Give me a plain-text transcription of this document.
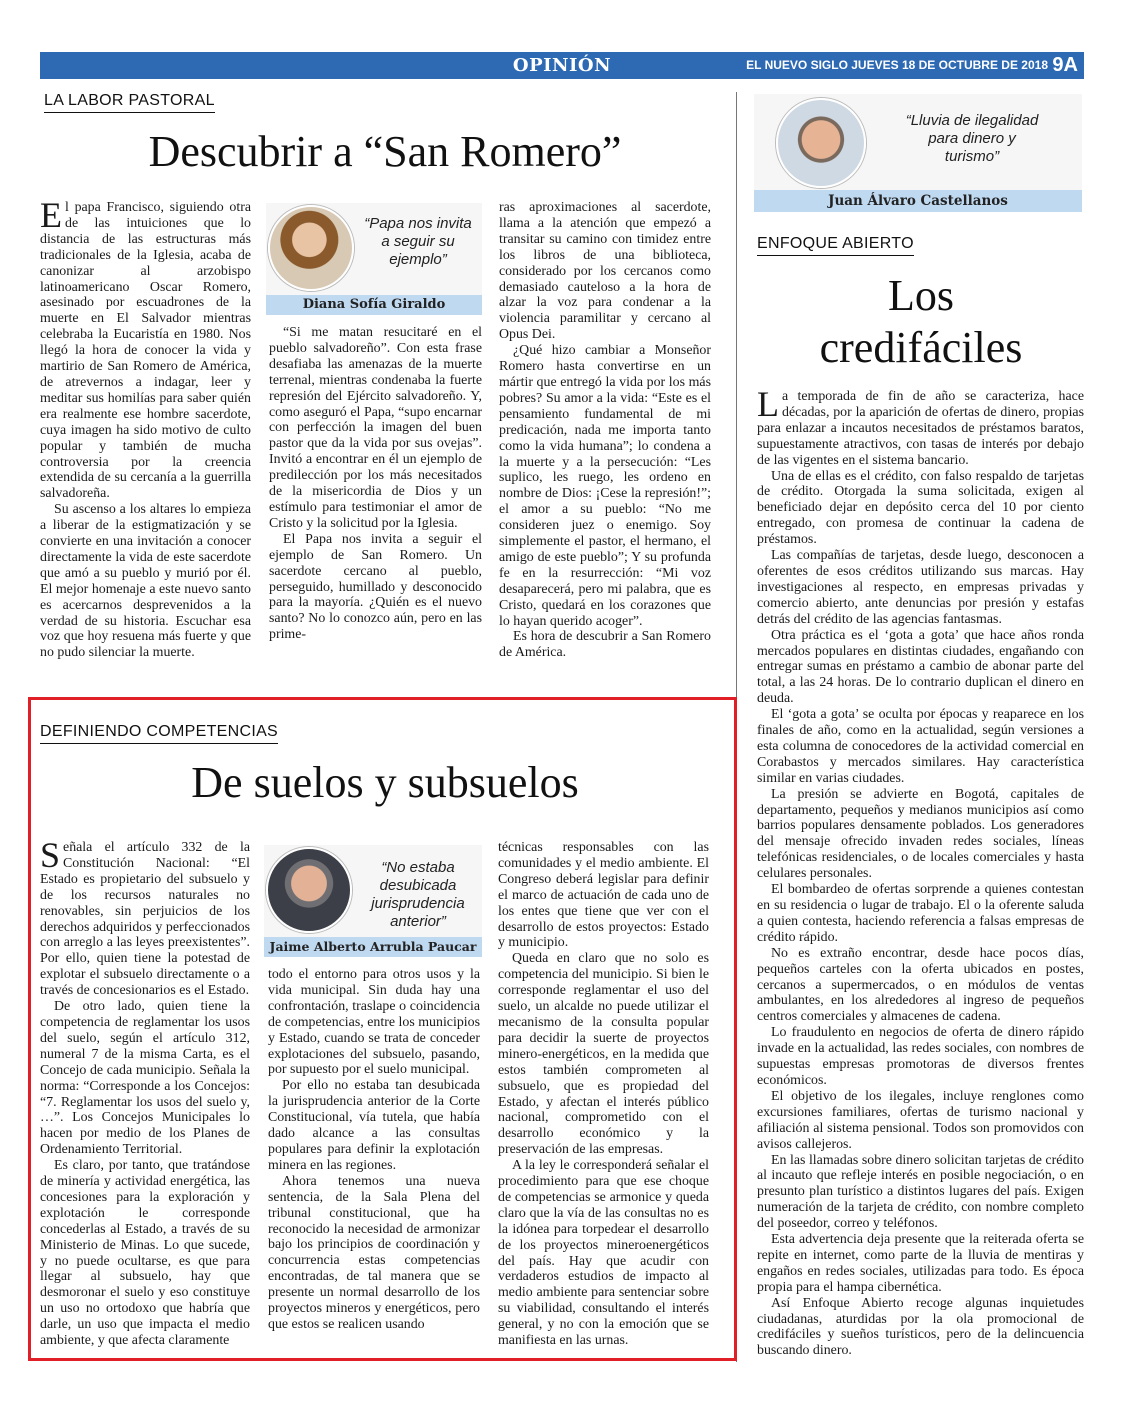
OPINIÓN	EL NUEVO SIGLO JUEVES 18 DE OCTUBRE DE 2018 9A
LA LABOR PASTORAL
Descubrir a “San Romero”

El papa Francisco, siguiendo otra de las intuiciones que lo distancia de las estructuras más tradicionales de la Iglesia, acaba de canonizar al arzobispo latinoamericano Oscar Romero, asesinado por escuadrones de la muerte en El Salvador mientras celebraba la Eucaristía en 1980. Nos llegó la hora de conocer la vida y martirio de San Romero de América, de atrevernos a indagar, leer y meditar sus homilías para saber quién era realmente ese hombre sacerdote, cuya imagen ha sido motivo de culto popular y también de mucha controversia por la creencia extendida de su cercanía a la guerrilla salvadoreña.

Su ascenso a los altares lo empieza a liberar de la estigmatización y se convierte en una invitación a conocer directamente la vida de este sacerdote que amó a su pueblo y murió por él. El mejor homenaje a este nuevo santo es acercarnos desprevenidos a la verdad de su historia. Escuchar esa voz que hoy resuena más fuerte y que no pudo silenciar la muerte.

“Papa nos invita a seguir su ejemplo”
Diana Sofía Giraldo

“Si me matan resucitaré en el pueblo salvadoreño”. Con esta frase desafiaba las amenazas de la muerte terrenal, mientras condenaba la fuerte represión del Ejército salvadoreño. Y, como aseguró el Papa, “supo encarnar con perfección la imagen del buen pastor que da la vida por sus ovejas”. Invitó a encontrar en él un ejemplo de predilección por los más necesitados de la misericordia de Dios y un estímulo para testimoniar el amor de Cristo y la solicitud por la Iglesia.

El Papa nos invita a seguir el ejemplo de San Romero. Un sacerdote cercano al pueblo, perseguido, humillado y desconocido para la mayoría. ¿Quién es el nuevo santo? No lo conozco aún, pero en las prime-

ras aproximaciones al sacerdote, llama a la atención que empezó a transitar su camino con timidez entre los libros de una biblioteca, considerado por los cercanos como demasiado cauteloso a la hora de alzar la voz para condenar a la violencia paramilitar y cercano al Opus Dei.

¿Qué hizo cambiar a Monseñor Romero hasta convertirse en un mártir que entregó la vida por los más pobres? Su amor a la vida: “Este es el pensamiento fundamental de mi predicación, nada me importa tanto como la vida humana”; lo condena a la muerte y a la persecución: “Les suplico, les ruego, les ordeno en nombre de Dios: ¡Cese la represión!”; el amor a su pueblo: “No me consideren juez o enemigo. Soy simplemente el pastor, el hermano, el amigo de este pueblo”; Y su profunda fe en la resurrección: “Mi voz desaparecerá, pero mi palabra, que es Cristo, quedará en los corazones que lo hayan querido acoger”.

Es hora de descubrir a San Romero de América.

DEFINIENDO COMPETENCIAS
De suelos y subsuelos

Señala el artículo 332 de la Constitución Nacional: “El Estado es propietario del subsuelo y de los recursos naturales no renovables, sin perjuicios de los derechos adquiridos y perfeccionados con arreglo a las leyes preexistentes”. Por ello, quien tiene la potestad de explotar el subsuelo directamente o a través de concesionarios es el Estado.

De otro lado, quien tiene la competencia de reglamentar los usos del suelo, según el artículo 312, numeral 7 de la misma Carta, es el Concejo de cada municipio. Señala la norma: “Corresponde a los Concejos: “7. Reglamentar los usos del suelo y, …”. Los Concejos Municipales lo hacen por medio de los Planes de Ordenamiento Territorial.

Es claro, por tanto, que tratándose de minería y actividad energética, las concesiones para la exploración y explotación le corresponde concederlas al Estado, a través de su Ministerio de Minas. Lo que sucede, y no puede ocultarse, es que para llegar al subsuelo, hay que desmoronar el suelo y eso constituye un uso no ortodoxo que habría que darle, un uso que impacta el medio ambiente, y que afecta claramente

“No estaba desubicada jurisprudencia anterior”
Jaime Alberto Arrubla Paucar

todo el entorno para otros usos y la vida municipal. Sin duda hay una confrontación, traslape o coincidencia de competencias, entre los municipios y Estado, cuando se trata de conceder explotaciones del subsuelo, pasando, por supuesto por el suelo municipal.

Por ello no estaba tan desubicada la jurisprudencia anterior de la Corte Constitucional, vía tutela, que había dado alcance a las consultas populares para definir la explotación minera en las regiones.

Ahora tenemos una nueva sentencia, de la Sala Plena del tribunal constitucional, que ha reconocido la necesidad de armonizar bajo los principios de coordinación y concurrencia estas competencias encontradas, de tal manera que se presente un normal desarrollo de los proyectos mineros y energéticos, pero que estos se realicen usando

técnicas responsables con las comunidades y el medio ambiente. El Congreso deberá legislar para definir el marco de actuación de cada uno de los entes que tiene que ver con el desarrollo de estos proyectos: Estado y municipio.

Queda en claro que no solo es competencia del municipio. Si bien le corresponde reglamentar el uso del suelo, un alcalde no puede utilizar el mecanismo de la consulta popular para decidir la suerte de proyectos minero-energéticos, en la medida que estos también comprometen al subsuelo, que es propiedad del Estado, y afectan el interés público nacional, comprometido con el desarrollo económico y la preservación de las empresas.

A la ley le corresponderá señalar el procedimiento para que ese choque de competencias se armonice y queda claro que la vía de las consultas no es la idónea para torpedear el desarrollo de los proyectos mineroenergéticos del país. Hay que acudir con verdaderos estudios de impacto al medio ambiente para sentenciar sobre su viabilidad, consultando el interés general, y no con la emoción que se manifiesta en las urnas.

“Lluvia de ilegalidad para dinero y turismo”
Juan Álvaro Castellanos
ENFOQUE ABIERTO
Los
credifáciles

La temporada de fin de año se caracteriza, hace décadas, por la aparición de ofertas de dinero, propias para enlazar a incautos necesitados de préstamos baratos, supuestamente atractivos, con tasas de interés por debajo de las vigentes en el sistema bancario.

Una de ellas es el crédito, con falso respaldo de tarjetas de crédito. Otorgada la suma solicitada, exigen al beneficiado dejar en depósito cerca del 10 por ciento entregado, con promesa de continuar la cadena de préstamos.

Las compañías de tarjetas, desde luego, desconocen a oferentes de esos créditos utilizando sus marcas. Hay investigaciones al respecto, en empresas privadas y comercio abierto, ante denuncias por presión y estafas detrás del crédito de las agencias fantasmas.

Otra práctica es el ‘gota a gota’ que hace años ronda mercados populares en distintas ciudades, engañando con entregar sumas en préstamo a cambio de abonar parte del total, a las 24 horas. De lo contrario duplican el dinero en deuda.

El ‘gota a gota’ se oculta por épocas y reaparece en los finales de año, como en la actualidad, según versiones a esta columna de conocedores de la actividad comercial en Corabastos y mercados similares. Hay característica similar en varias ciudades.

La presión se advierte en Bogotá, capitales de departamento, pequeños y medianos municipios así como barrios populares densamente poblados. Los generadores del mensaje ofrecido invaden redes sociales, líneas telefónicas residenciales, o de locales comerciales y hasta celulares personales.

El bombardeo de ofertas sorprende a quienes contestan en su residencia o lugar de trabajo. El o la oferente saluda a quien contesta, haciendo referencia a falsas empresas de crédito rápido.

No es extraño encontrar, desde hace pocos días, pequeños carteles con la oferta ubicados en postes, cercanos a supermercados, o en módulos de ventas ambulantes, en los alrededores al ingreso de pequeños centros comerciales y almacenes de cadena.

Lo fraudulento en negocios de oferta de dinero rápido invade en la actualidad, las redes sociales, con nombres de supuestas empresas promotoras de diversos frentes económicos.

El objetivo de los ilegales, incluye renglones como excursiones familiares, ofertas de turismo nacional y afiliación al sistema pensional. Todos son promovidos con avisos callejeros.

En las llamadas sobre dinero solicitan tarjetas de crédito al incauto que refleje interés en posible negociación, o en presunto plan turístico a distintos lugares del país. Exigen numeración de la tarjeta de crédito, con nombre completo del poseedor, correo y teléfonos.

Esta advertencia deja presente que la reiterada oferta se repite en internet, como parte de la lluvia de mentiras y engaños en redes sociales, utilizadas para todo. Es época propia para el hampa cibernética.

Así Enfoque Abierto recoge algunas inquietudes ciudadanas, aturdidas por la ola promocional de credifáciles y sueños turísticos, pero de la delincuencia buscando dinero.
